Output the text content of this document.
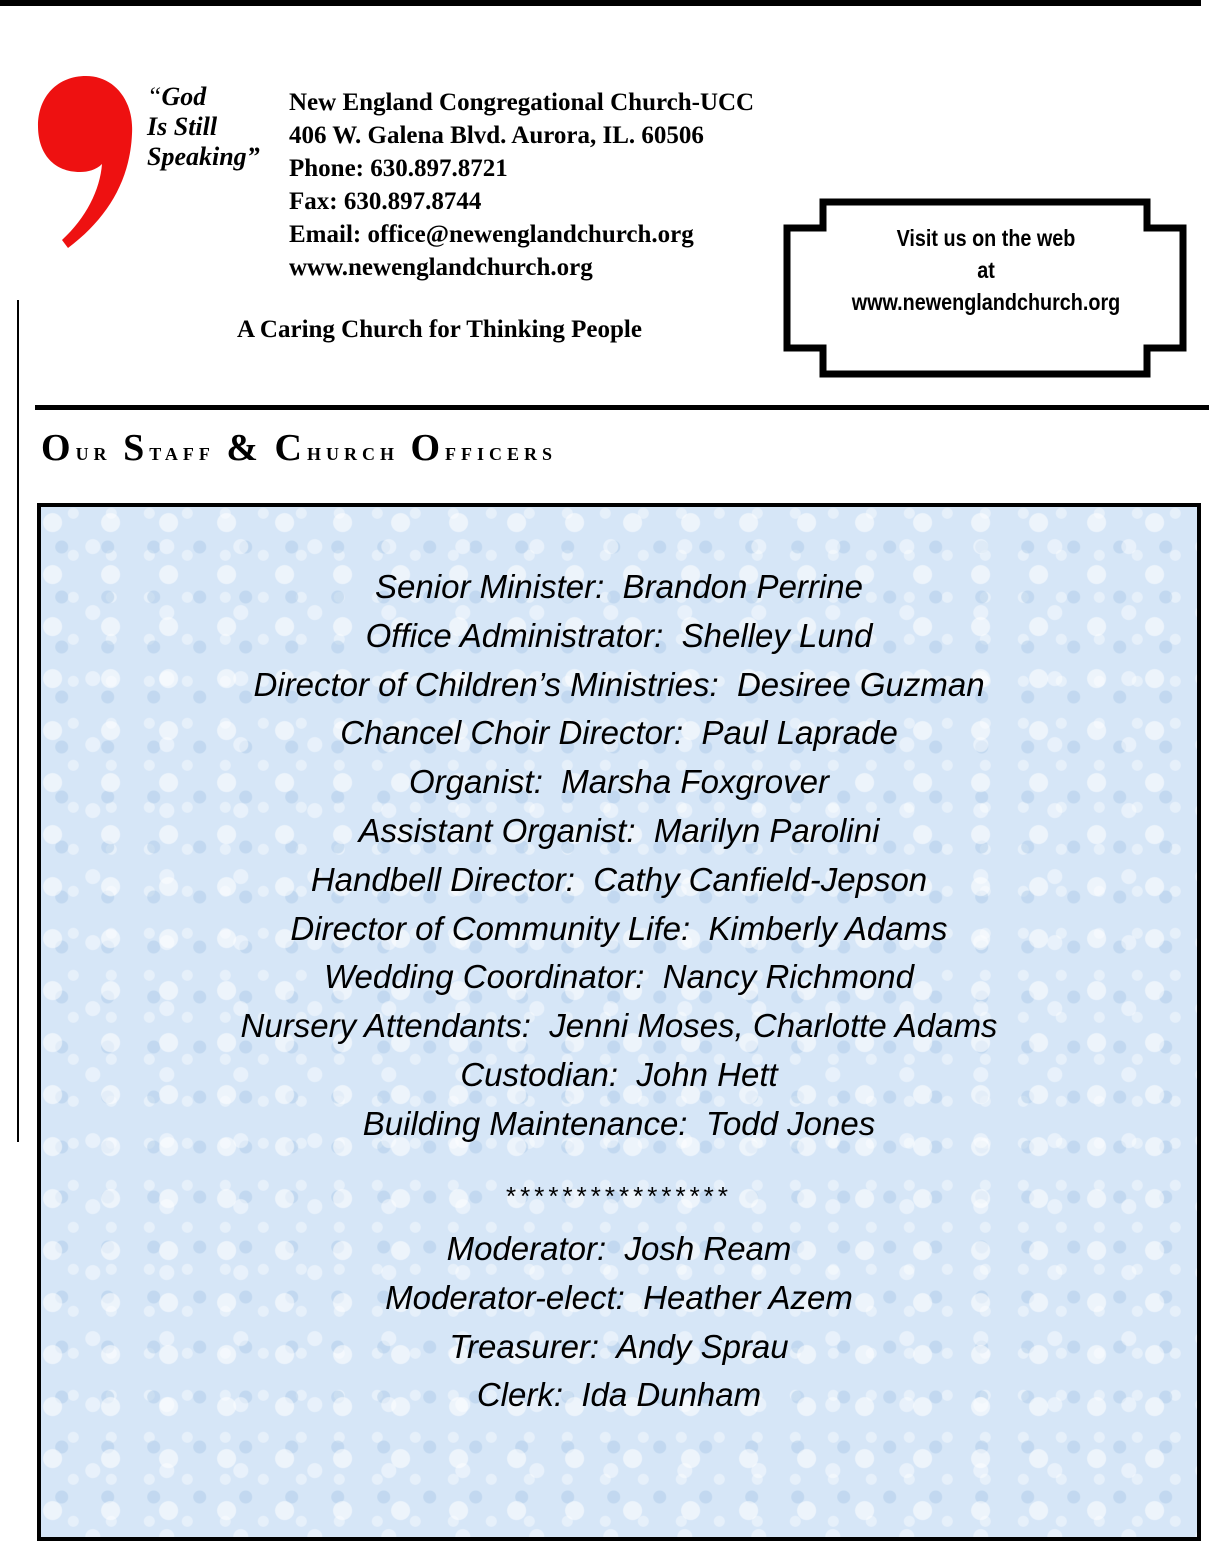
“God
Is Still
Speaking”
New England Congregational Church-UCC
406 W. Galena Blvd. Aurora, IL. 60506
Phone: 630.897.8721
Fax: 630.897.8744
Email: office@newenglandchurch.org
www.newenglandchurch.org
A Caring Church for Thinking People
Visit us on the web
at
www.newenglandchurch.org
Our Staff & Church Officers
Senior Minister:  Brandon Perrine
Office Administrator:  Shelley Lund
Director of Children’s Ministries:  Desiree Guzman
Chancel Choir Director:  Paul Laprade
Organist:  Marsha Foxgrover
Assistant Organist:  Marilyn Parolini
Handbell Director:  Cathy Canfield-Jepson
Director of Community Life:  Kimberly Adams
Wedding Coordinator:  Nancy Richmond
Nursery Attendants:  Jenni Moses, Charlotte Adams
Custodian:  John Hett
Building Maintenance:  Todd Jones
****************
Moderator:  Josh Ream
Moderator-elect:  Heather Azem
Treasurer:  Andy Sprau
Clerk:  Ida Dunham
